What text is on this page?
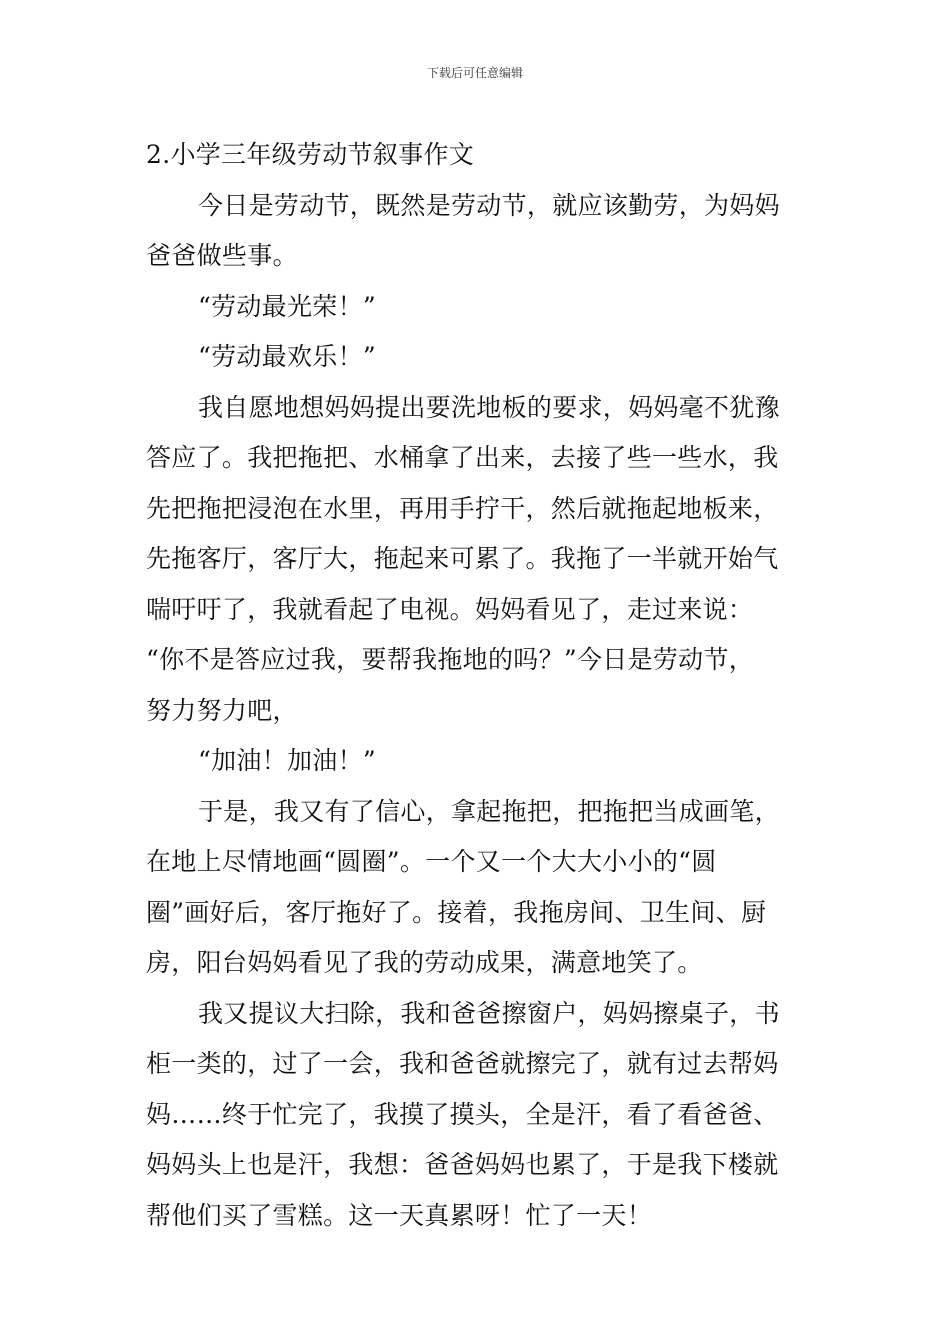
下载后可任意编辑
2.小学三年级劳动节叙事作文
今日是劳动节，既然是劳动节，就应该勤劳，为妈妈
爸爸做些事。
“劳动最光荣！”
“劳动最欢乐！”
我自愿地想妈妈提出要洗地板的要求，妈妈毫不犹豫
答应了。我把拖把、水桶拿了出来，去接了些一些水，我
先把拖把浸泡在水里，再用手拧干，然后就拖起地板来，
先拖客厅，客厅大，拖起来可累了。我拖了一半就开始气
喘吁吁了，我就看起了电视。妈妈看见了，走过来说：
“你不是答应过我，要帮我拖地的吗？”今日是劳动节，
努力努力吧，
“加油！加油！”
于是，我又有了信心，拿起拖把，把拖把当成画笔，
在地上尽情地画“圆圈”。一个又一个大大小小的“圆
圈”画好后，客厅拖好了。接着，我拖房间、卫生间、厨
房，阳台妈妈看见了我的劳动成果，满意地笑了。
我又提议大扫除，我和爸爸擦窗户，妈妈擦桌子，书
柜一类的，过了一会，我和爸爸就擦完了，就有过去帮妈
妈……终于忙完了，我摸了摸头，全是汗，看了看爸爸、
妈妈头上也是汗，我想：爸爸妈妈也累了，于是我下楼就
帮他们买了雪糕。这一天真累呀！忙了一天！
